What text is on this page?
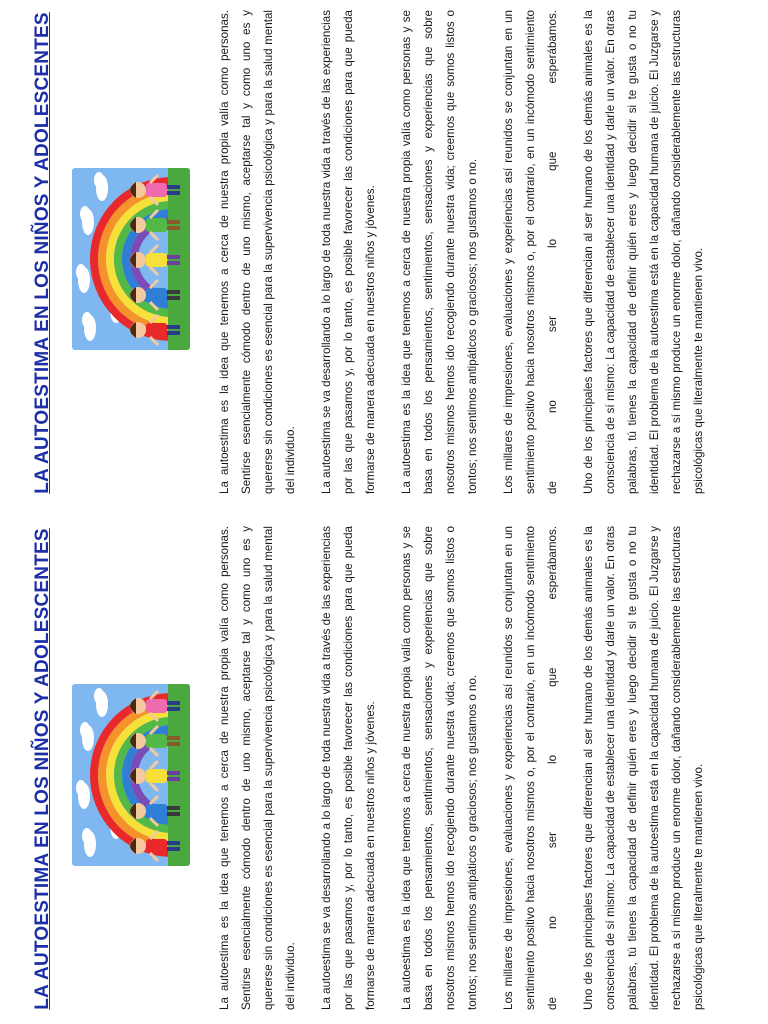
LA AUTOESTIMA EN LOS NIÑOS Y ADOLESCENTES	La autoestima es la idea que tenemos a cerca de nuestra propia valía como personas. Sentirse esencialmente cómodo dentro de uno mismo, aceptarse tal y como uno es y quererse sin condiciones es esencial para la supervivencia psicológica y para la salud mental del individuo.	La autoestima se va desarrollando a lo largo de toda nuestra vida a través de las experiencias por las que pasamos y, por lo tanto, es posible favorecer las condiciones para que pueda formarse de manera adecuada en nuestros niños y jóvenes.	La autoestima es la idea que tenemos a cerca de nuestra propia valía como personas y se basa en todos los pensamientos, sentimientos, sensaciones y experiencias que sobre nosotros mismos hemos ido recogiendo durante nuestra vida; creemos que somos listos o tontos; nos sentimos antipáticos o graciosos; nos gustamos o no.	Los millares de impresiones, evaluaciones y experiencias así reunidos se conjuntan en un sentimiento positivo hacia nosotros mismos o, por el contrario, en un incómodo sentimiento de no ser lo que esperábamos.	Uno de los principales factores que diferencian al ser humano de los demás animales es la consciencia de sí mismo: La capacidad de establecer una identidad y darle un valor. En otras palabras, tú tienes la capacidad de definir quién eres y luego decidir si te gusta o no tu identidad. El problema de la autoestima está en la capacidad humana de juicio. El Juzgarse y rechazarse a sí mismo produce un enorme dolor, dañando considerablemente las estructuras psicológicas que literalmente te mantienen vivo.

LA AUTOESTIMA EN LOS NIÑOS Y ADOLESCENTES	La autoestima es la idea que tenemos a cerca de nuestra propia valía como personas. Sentirse esencialmente cómodo dentro de uno mismo, aceptarse tal y como uno es y quererse sin condiciones es esencial para la supervivencia psicológica y para la salud mental del individuo.	La autoestima se va desarrollando a lo largo de toda nuestra vida a través de las experiencias por las que pasamos y, por lo tanto, es posible favorecer las condiciones para que pueda formarse de manera adecuada en nuestros niños y jóvenes.	La autoestima es la idea que tenemos a cerca de nuestra propia valía como personas y se basa en todos los pensamientos, sentimientos, sensaciones y experiencias que sobre nosotros mismos hemos ido recogiendo durante nuestra vida; creemos que somos listos o tontos; nos sentimos antipáticos o graciosos; nos gustamos o no.	Los millares de impresiones, evaluaciones y experiencias así reunidos se conjuntan en un sentimiento positivo hacia nosotros mismos o, por el contrario, en un incómodo sentimiento de no ser lo que esperábamos.	Uno de los principales factores que diferencian al ser humano de los demás animales es la consciencia de sí mismo: La capacidad de establecer una identidad y darle un valor. En otras palabras, tú tienes la capacidad de definir quién eres y luego decidir si te gusta o no tu identidad. El problema de la autoestima está en la capacidad humana de juicio. El Juzgarse y rechazarse a sí mismo produce un enorme dolor, dañando considerablemente las estructuras psicológicas que literalmente te mantienen vivo.
